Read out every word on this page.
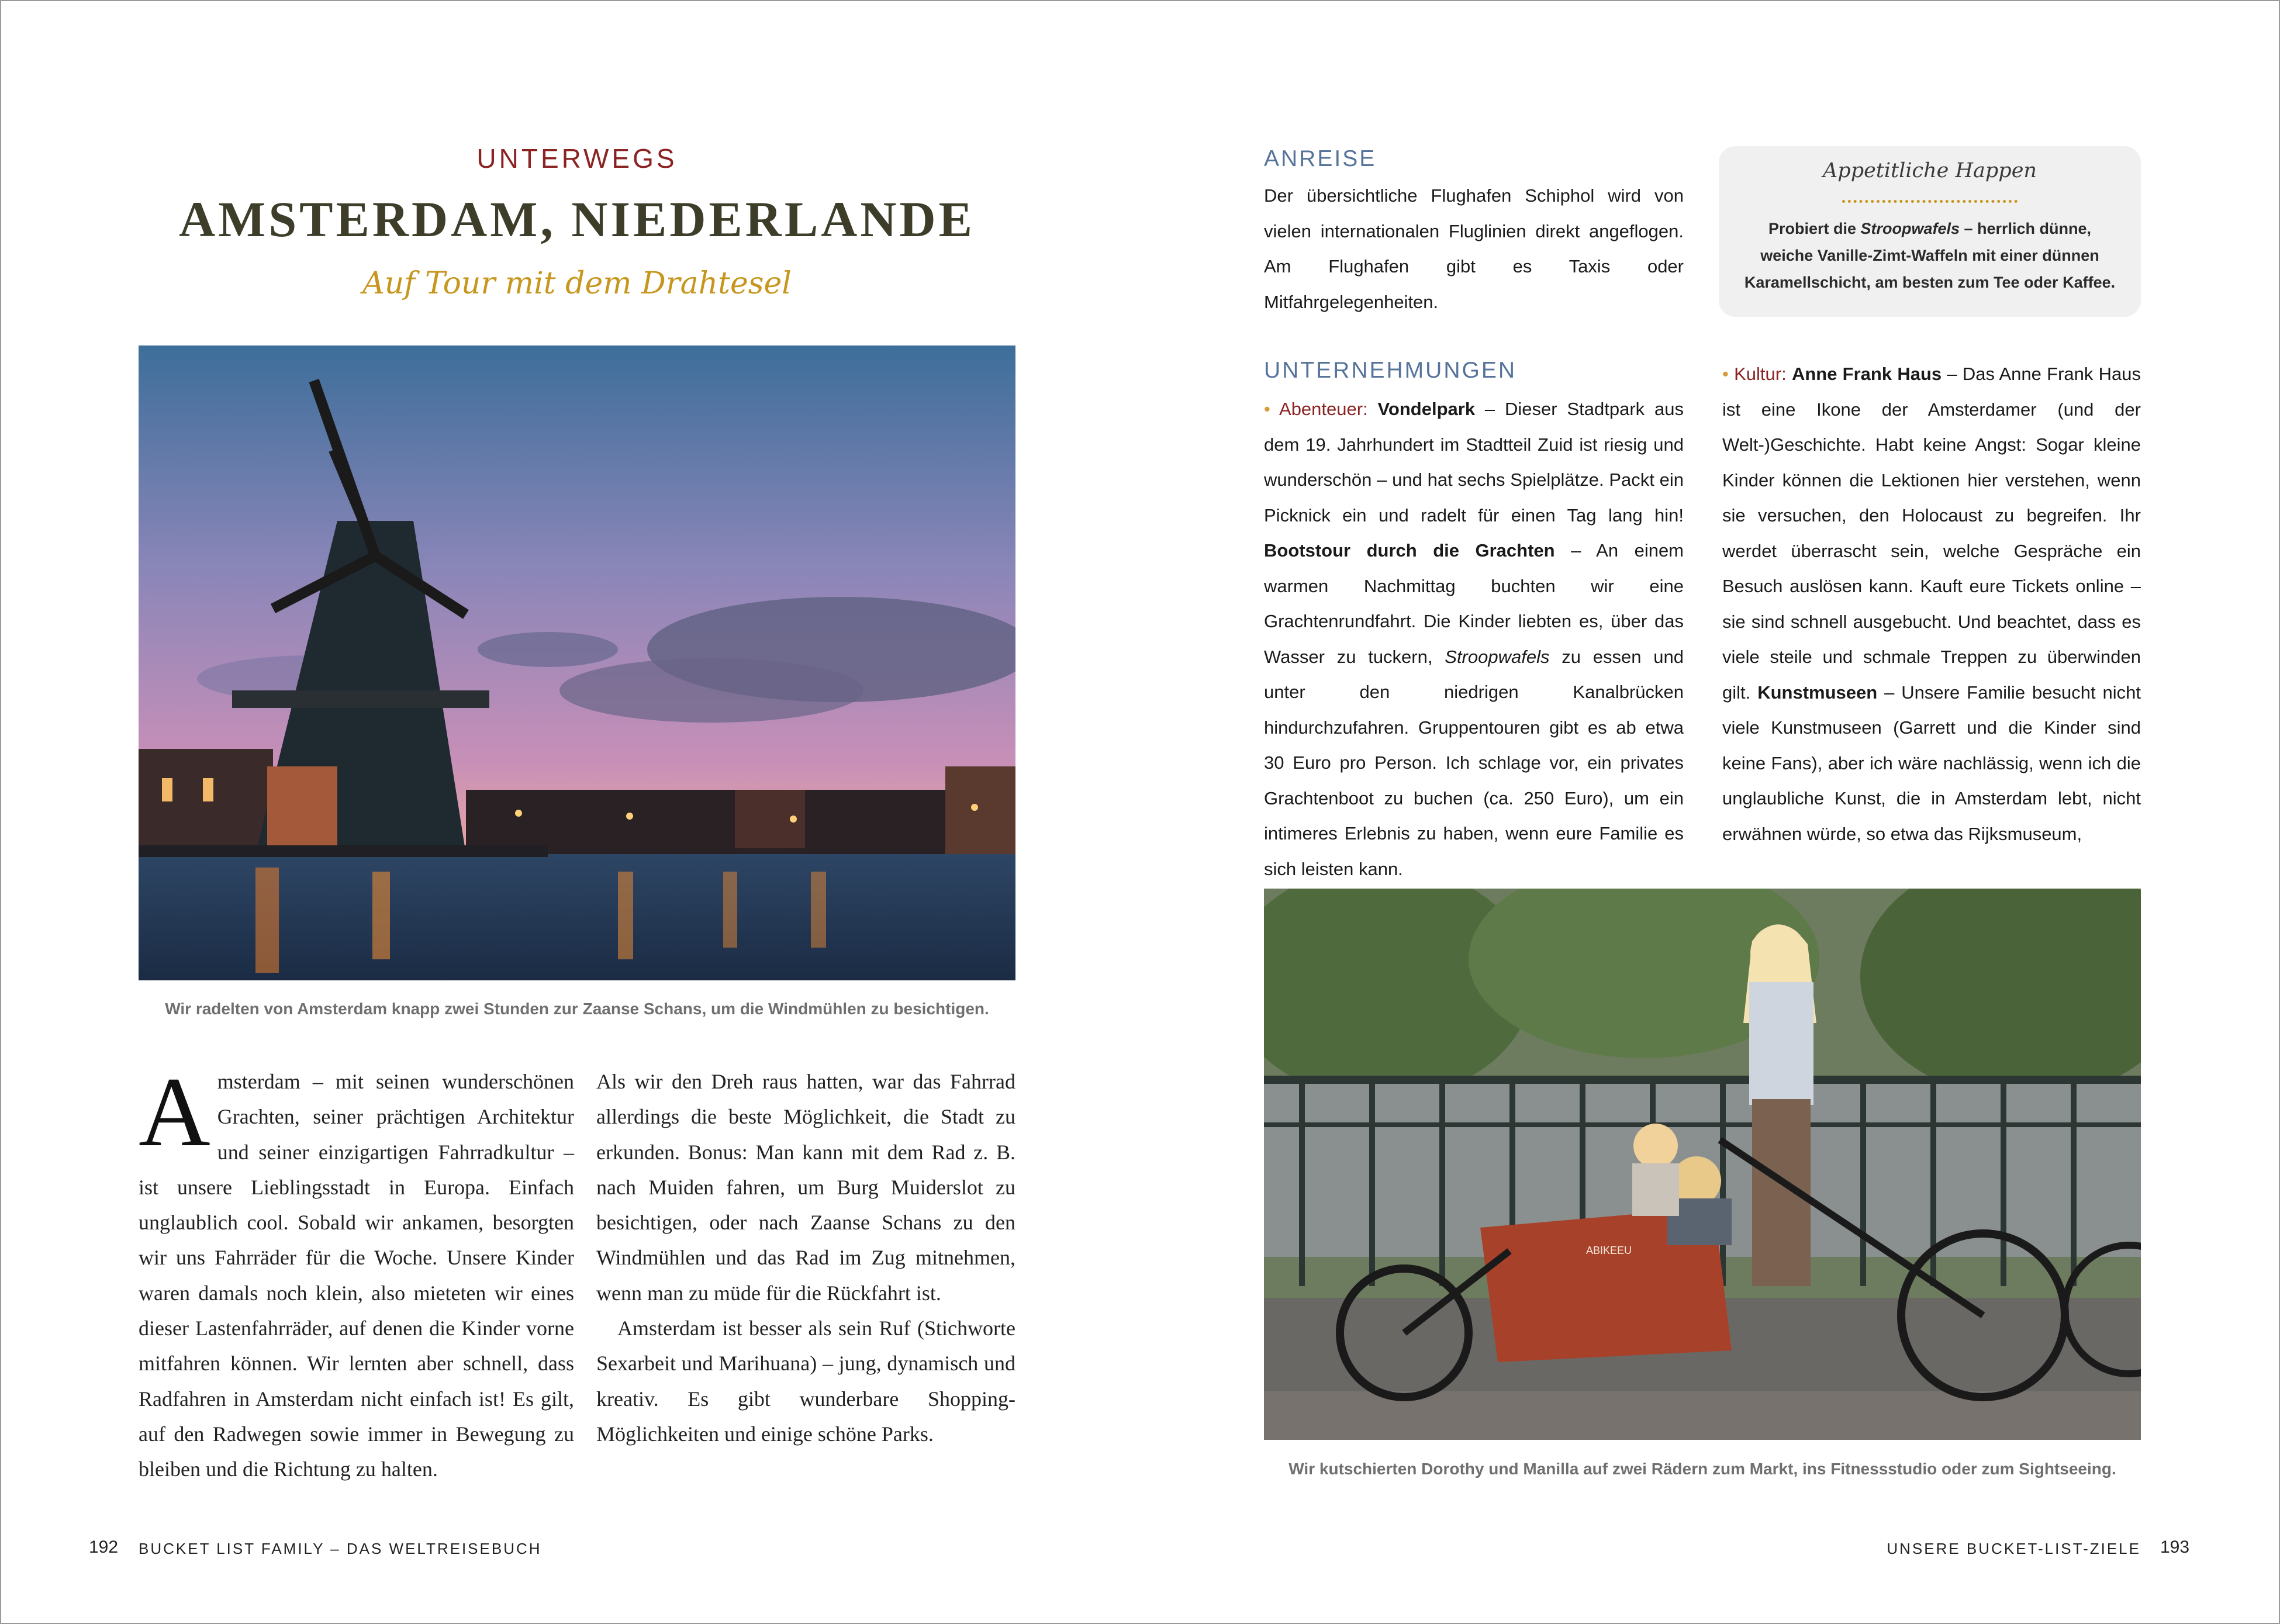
UNTERWEGS
AMSTERDAM, NIEDERLANDE
Auf Tour mit dem Drahtesel
Wir radelten von Amsterdam knapp zwei Stunden zur Zaanse Schans, um die Windmühlen zu besichtigen.
A msterdam – mit seinen wunderschönen Grachten, seiner prächtigen Architektur und seiner einzigartigen Fahrradkultur – ist unsere Lieblingsstadt in Europa. Einfach unglaublich cool. Sobald wir ankamen, besorgten wir uns Fahrräder für die Woche. Unsere Kinder waren damals noch klein, also mieteten wir eines dieser Lastenfahrräder, auf denen die Kinder vorne mitfahren können. Wir lernten aber schnell, dass Radfahren in Amsterdam nicht einfach ist! Es gilt, auf den Radwegen sowie immer in Bewegung zu bleiben und die Richtung zu halten.

Als wir den Dreh raus hatten, war das Fahrrad allerdings die beste Möglichkeit, die Stadt zu erkunden. Bonus: Man kann mit dem Rad z. B. nach Muiden fahren, um Burg Muiderslot zu besichtigen, oder nach Zaanse Schans zu den Windmühlen und das Rad im Zug mitnehmen, wenn man zu müde für die Rückfahrt ist.

Amsterdam ist besser als sein Ruf (Stichworte Sexarbeit und Marihuana) – jung, dynamisch und kreativ. Es gibt wunderbare Shopping-Möglichkeiten und einige schöne Parks.

192 BUCKET LIST FAMILY – DAS WELTREISEBUCH
ANREISE

Der übersichtliche Flughafen Schiphol wird von vielen internationalen Fluglinien direkt angeflogen. Am Flughafen gibt es Taxis oder Mitfahrgelegenheiten.

Appetitliche Happen
Probiert die Stroopwafels – herrlich dünne, weiche Vanille-Zimt-Waffeln mit einer dünnen Karamellschicht, am besten zum Tee oder Kaffee.
UNTERNEHMUNGEN

• Abenteuer: Vondelpark – Dieser Stadtpark aus dem 19. Jahrhundert im Stadtteil Zuid ist riesig und wunderschön – und hat sechs Spielplätze. Packt ein Picknick ein und radelt für einen Tag lang hin! Bootstour durch die Grachten – An einem warmen Nachmittag buchten wir eine Grachtenrundfahrt. Die Kinder liebten es, über das Wasser zu tuckern, Stroopwafels zu essen und unter den niedrigen Kanalbrücken hindurchzufahren. Gruppentouren gibt es ab etwa 30 Euro pro Person. Ich schlage vor, ein privates Grachtenboot zu buchen (ca. 250 Euro), um ein intimeres Erlebnis zu haben, wenn eure Familie es sich leisten kann.

• Kultur: Anne Frank Haus – Das Anne Frank Haus ist eine Ikone der Amsterdamer (und der Welt-)Geschichte. Habt keine Angst: Sogar kleine Kinder können die Lektionen hier verstehen, wenn sie versuchen, den Holocaust zu begreifen. Ihr werdet überrascht sein, welche Gespräche ein Besuch auslösen kann. Kauft eure Tickets online – sie sind schnell ausgebucht. Und beachtet, dass es viele steile und schmale Treppen zu überwinden gilt. Kunstmuseen – Unsere Familie besucht nicht viele Kunstmuseen (Garrett und die Kinder sind keine Fans), aber ich wäre nachlässig, wenn ich die unglaubliche Kunst, die in Amsterdam lebt, nicht erwähnen würde, so etwa das Rijksmuseum,

ABIKEEU
Wir kutschierten Dorothy und Manilla auf zwei Rädern zum Markt, ins Fitnessstudio oder zum Sightseeing.
UNSERE BUCKET-LIST-ZIELE 193
